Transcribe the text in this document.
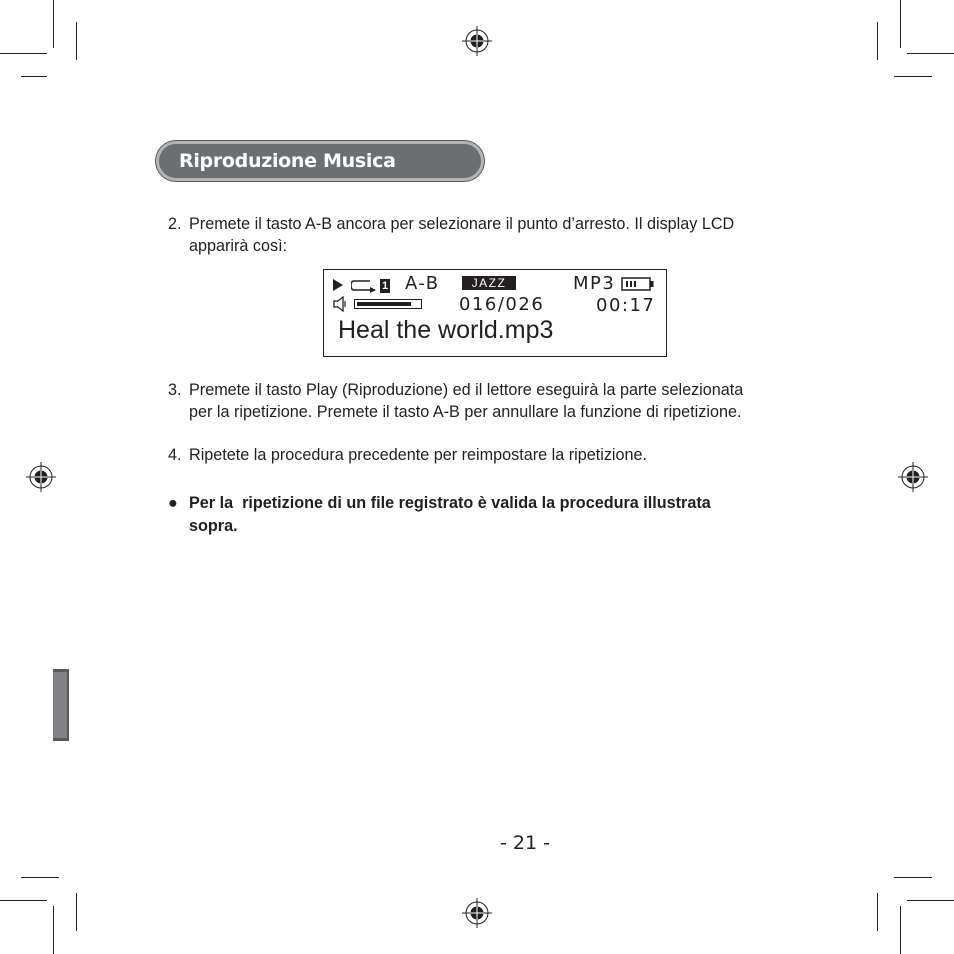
Riproduzione Musica
2. Premete il tasto A-B ancora per selezionare il punto d’arresto. Il display LCD
apparirà così:
1 A-B	JAZZ	MP3
016/026	00:17
Heal the world.mp3
3. Premete il tasto Play (Riproduzione) ed il lettore eseguirà la parte selezionata
per la ripetizione. Premete il tasto A-B per annullare la funzione di ripetizione.
4. Ripetete la procedura precedente per reimpostare la ripetizione.
● Per la  ripetizione di un file registrato è valida la procedura illustrata
sopra.
- 21 -
